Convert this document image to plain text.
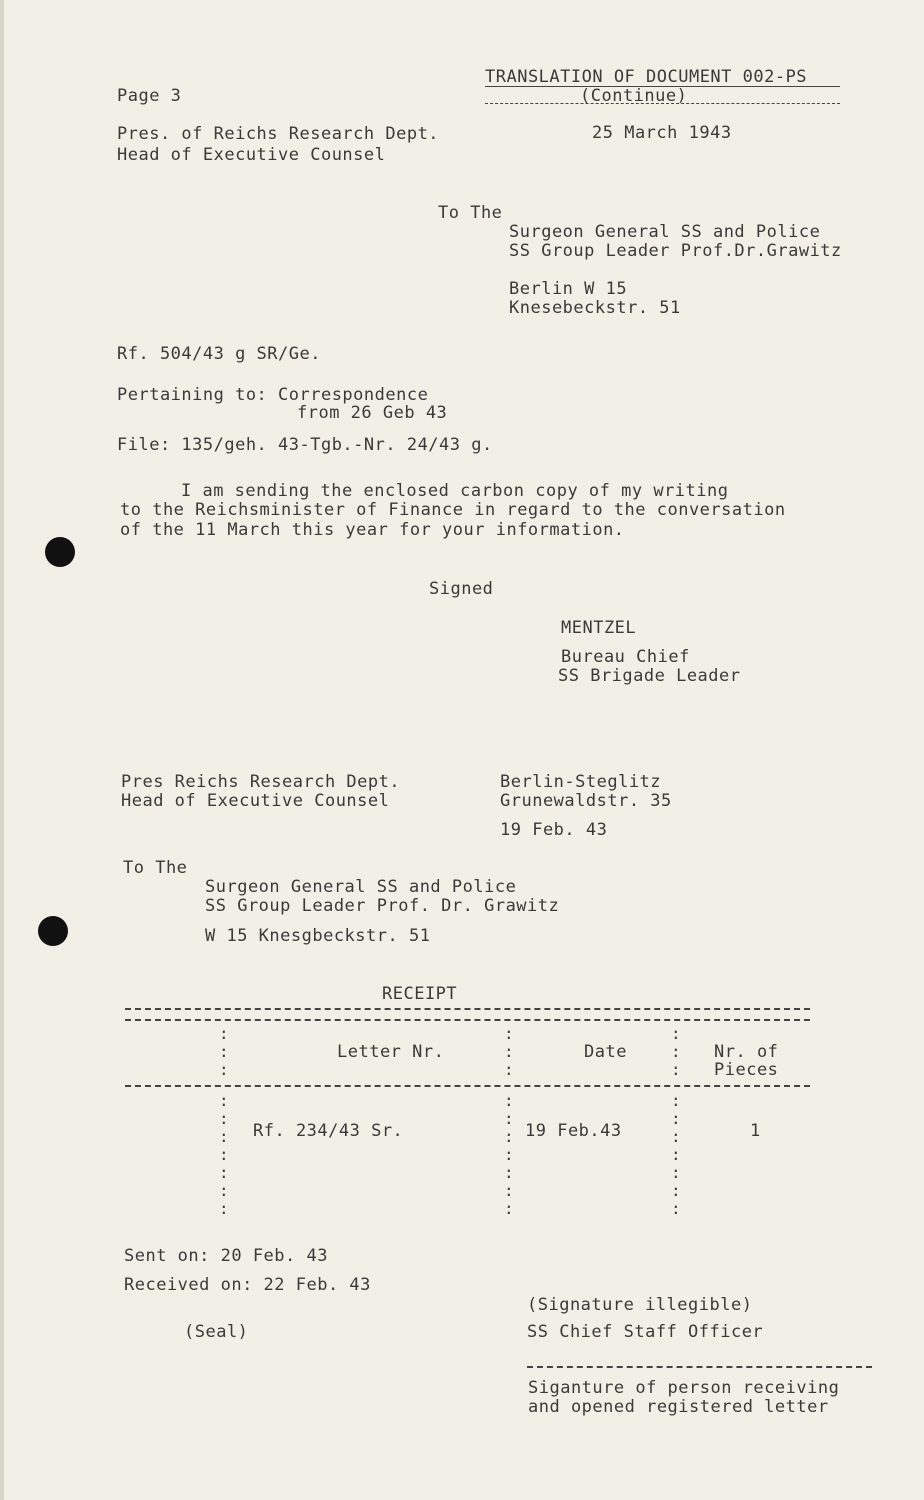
Page 3
TRANSLATION OF DOCUMENT 002-PS
(Continue)
Pres. of Reichs Research Dept.
Head of Executive Counsel
25 March 1943
To The
Surgeon General SS and Police
SS Group Leader Prof.Dr.Grawitz
Berlin W 15
Knesebeckstr. 51
Rf. 504/43 g SR/Ge.
Pertaining to: Correspondence
from 26 Geb 43
File: 135/geh. 43-Tgb.-Nr. 24/43 g.
I am sending the enclosed carbon copy of my writing
to the Reichsminister of Finance in regard to the conversation
of the 11 March this year for your information.
Signed
MENTZEL
Bureau Chief
SS Brigade Leader
Pres Reichs Research Dept.
Head of Executive Counsel
Berlin-Steglitz
Grunewaldstr. 35
19 Feb. 43
To The
Surgeon General SS and Police
SS Group Leader Prof. Dr. Grawitz
W 15 Knesgbeckstr. 51
RECEIPT
:
:
:
:
:
:
:
:
:
Letter Nr.	Date	Nr. of
Pieces
:
:
:
:
:
:
:
:
:
:
:
:
:
:
:
:
:
:
:
:
:
Rf. 234/43 Sr.	19 Feb.43	1
Sent on: 20 Feb. 43
Received on: 22 Feb. 43
(Signature illegible)
(Seal)	SS Chief Staff Officer
Siganture of person receiving
and opened registered letter
